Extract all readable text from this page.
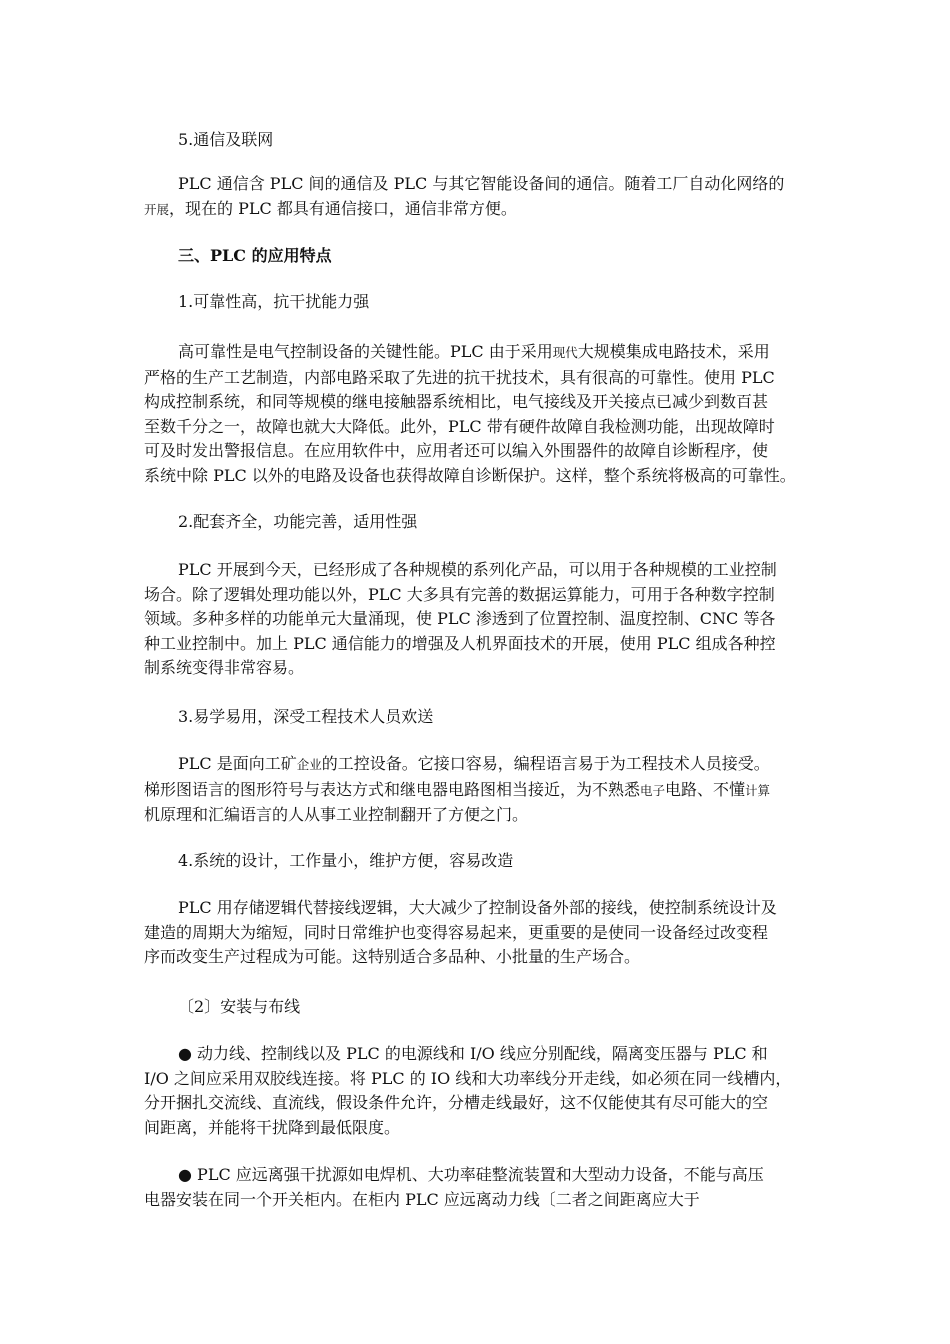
5.通信及联网

PLC 通信含 PLC 间的通信及 PLC 与其它智能设备间的通信。随着工厂自动化网络的
开展，现在的 PLC 都具有通信接口，通信非常方便。

三、PLC 的应用特点

1.可靠性高，抗干扰能力强

高可靠性是电气控制设备的关键性能。PLC 由于采用现代大规模集成电路技术，采用
严格的生产工艺制造，内部电路采取了先进的抗干扰技术，具有很高的可靠性。使用 PLC
构成控制系统，和同等规模的继电接触器系统相比，电气接线及开关接点已减少到数百甚
至数千分之一，故障也就大大降低。此外，PLC 带有硬件故障自我检测功能，出现故障时
可及时发出警报信息。在应用软件中，应用者还可以编入外围器件的故障自诊断程序，使
系统中除 PLC 以外的电路及设备也获得故障自诊断保护。这样，整个系统将极高的可靠性。

2.配套齐全，功能完善，适用性强

PLC 开展到今天，已经形成了各种规模的系列化产品，可以用于各种规模的工业控制
场合。除了逻辑处理功能以外，PLC 大多具有完善的数据运算能力，可用于各种数字控制
领域。多种多样的功能单元大量涌现，使 PLC 渗透到了位置控制、温度控制、CNC 等各
种工业控制中。加上 PLC 通信能力的增强及人机界面技术的开展，使用 PLC 组成各种控
制系统变得非常容易。

3.易学易用，深受工程技术人员欢送

PLC 是面向工矿企业的工控设备。它接口容易，编程语言易于为工程技术人员接受。
梯形图语言的图形符号与表达方式和继电器电路图相当接近，为不熟悉电子电路、不懂计算
机原理和汇编语言的人从事工业控制翻开了方便之门。

4.系统的设计，工作量小，维护方便，容易改造

PLC 用存储逻辑代替接线逻辑，大大减少了控制设备外部的接线，使控制系统设计及
建造的周期大为缩短，同时日常维护也变得容易起来，更重要的是使同一设备经过改变程
序而改变生产过程成为可能。这特别适合多品种、小批量的生产场合。

〔2〕安装与布线

● 动力线、控制线以及 PLC 的电源线和 I/O 线应分别配线，隔离变压器与 PLC 和
I/O 之间应采用双胶线连接。将 PLC 的 IO 线和大功率线分开走线，如必须在同一线槽内，
分开捆扎交流线、直流线，假设条件允许，分槽走线最好，这不仅能使其有尽可能大的空
间距离，并能将干扰降到最低限度。

● PLC 应远离强干扰源如电焊机、大功率硅整流装置和大型动力设备，不能与高压
电器安装在同一个开关柜内。在柜内 PLC 应远离动力线〔二者之间距离应大于
